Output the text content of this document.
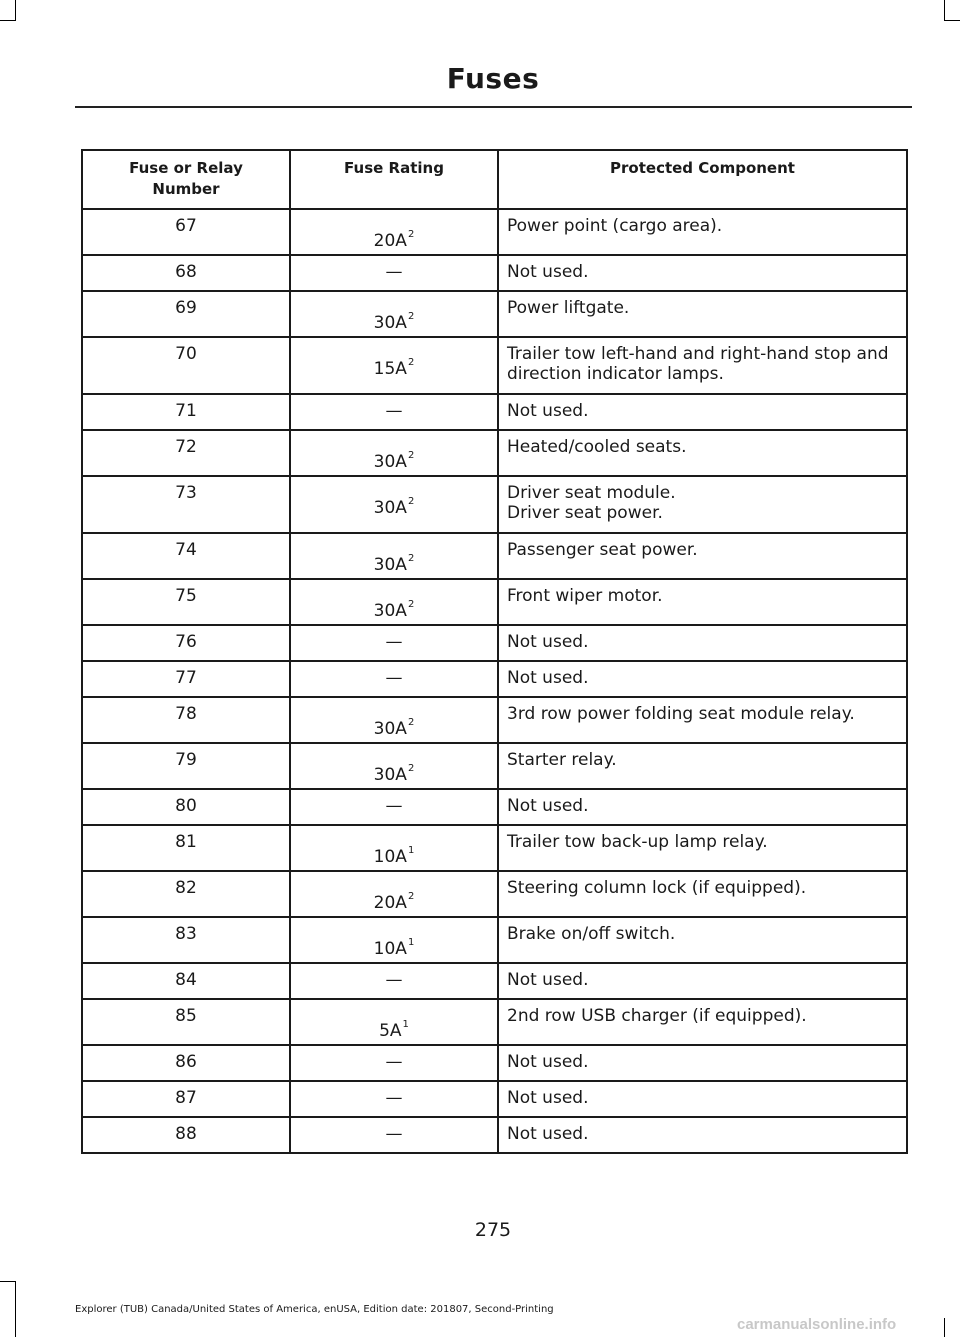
Fuses
Fuse or Relay Number	Fuse Rating	Protected Component
67	$20A^2$	Power point (cargo area).

68	—	Not used.

69	$30A^2$	Power liftgate.

70	$15A^2$	Trailer tow left-hand and right-hand stop and direction indicator lamps.

71	—	Not used.

72	$30A^2$	Heated/cooled seats.

73	$30A^2$	Driver seat module.
Driver seat power.

74	$30A^2$	Passenger seat power.

75	$30A^2$	Front wiper motor.

76	—	Not used.

77	—	Not used.

78	$30A^2$	3rd row power folding seat module relay.

79	$30A^2$	Starter relay.

80	—	Not used.

81	$10A^1$	Trailer tow back-up lamp relay.

82	$20A^2$	Steering column lock (if equipped).

83	$10A^1$	Brake on/off switch.

84	—	Not used.

85	$5A^1$	2nd row USB charger (if equipped).

86	—	Not used.

87	—	Not used.

88	—	Not used.
275
Explorer (TUB) Canada/United States of America, enUSA, Edition date: 201807, Second-Printing
carmanualsonline.info
